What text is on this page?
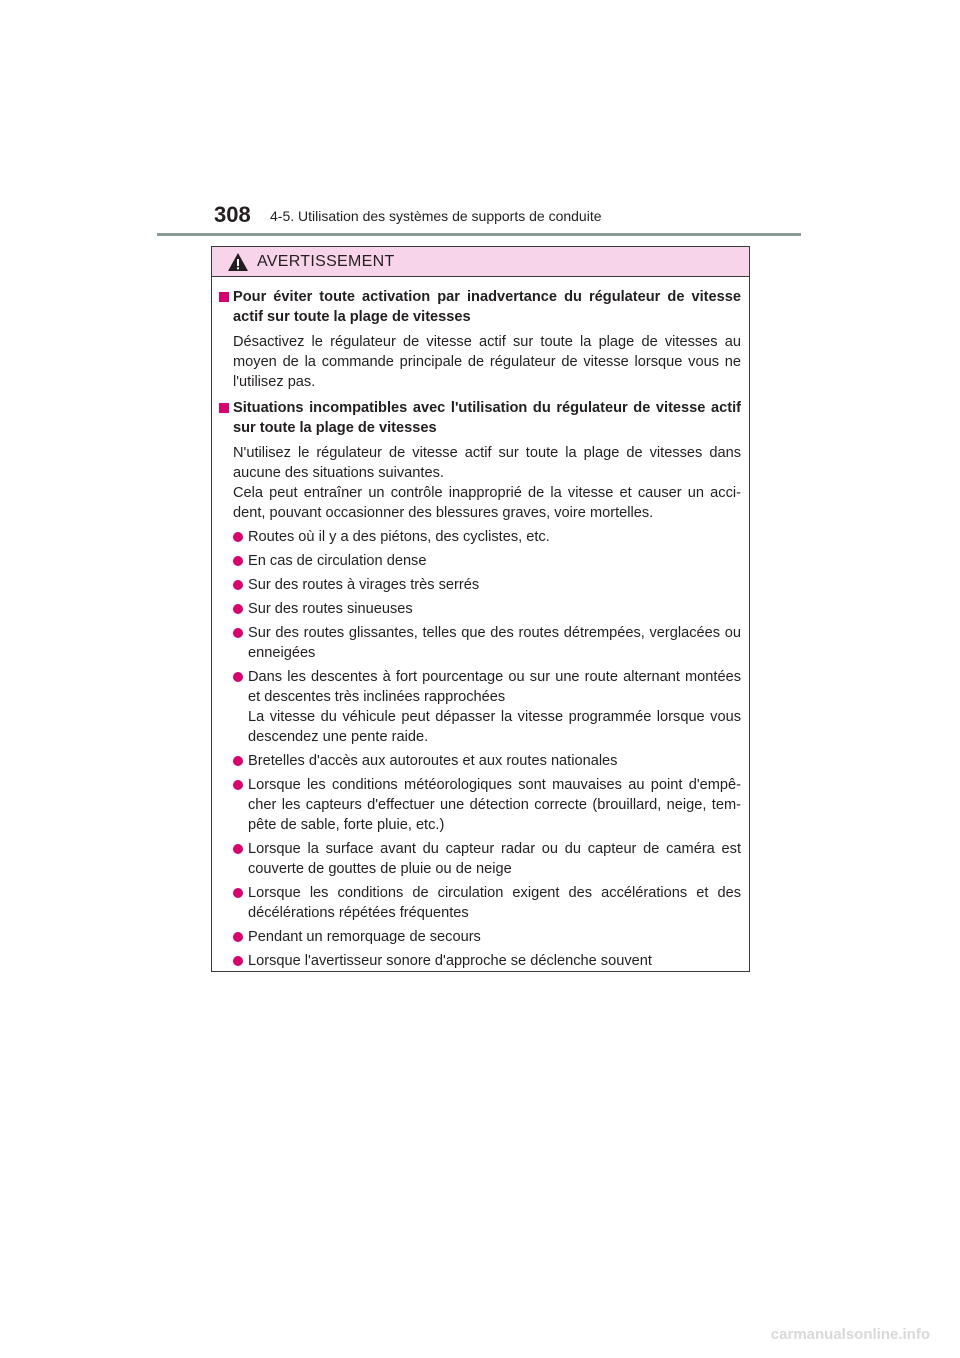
308 4-5. Utilisation des systèmes de supports de conduite
AVERTISSEMENT
Pour éviter toute activation par inadvertance du régulateur de vitesse actif sur toute la plage de vitesses
Désactivez le régulateur de vitesse actif sur toute la plage de vitesses au moyen de la commande principale de régulateur de vitesse lorsque vous ne l'utilisez pas.
Situations incompatibles avec l'utilisation du régulateur de vitesse actif sur toute la plage de vitesses
N'utilisez le régulateur de vitesse actif sur toute la plage de vitesses dans aucune des situations suivantes.
Cela peut entraîner un contrôle inapproprié de la vitesse et causer un acci-dent, pouvant occasionner des blessures graves, voire mortelles.
Routes où il y a des piétons, des cyclistes, etc.
En cas de circulation dense
Sur des routes à virages très serrés
Sur des routes sinueuses
Sur des routes glissantes, telles que des routes détrempées, verglacées ou enneigées
Dans les descentes à fort pourcentage ou sur une route alternant montées et descentes très inclinées rapprochées
La vitesse du véhicule peut dépasser la vitesse programmée lorsque vous descendez une pente raide.
Bretelles d'accès aux autoroutes et aux routes nationales
Lorsque les conditions météorologiques sont mauvaises au point d'empê-cher les capteurs d'effectuer une détection correcte (brouillard, neige, tem-pête de sable, forte pluie, etc.)
Lorsque la surface avant du capteur radar ou du capteur de caméra est couverte de gouttes de pluie ou de neige
Lorsque les conditions de circulation exigent des accélérations et des décélérations répétées fréquentes
Pendant un remorquage de secours
Lorsque l'avertisseur sonore d'approche se déclenche souvent
carmanualsonline.info
